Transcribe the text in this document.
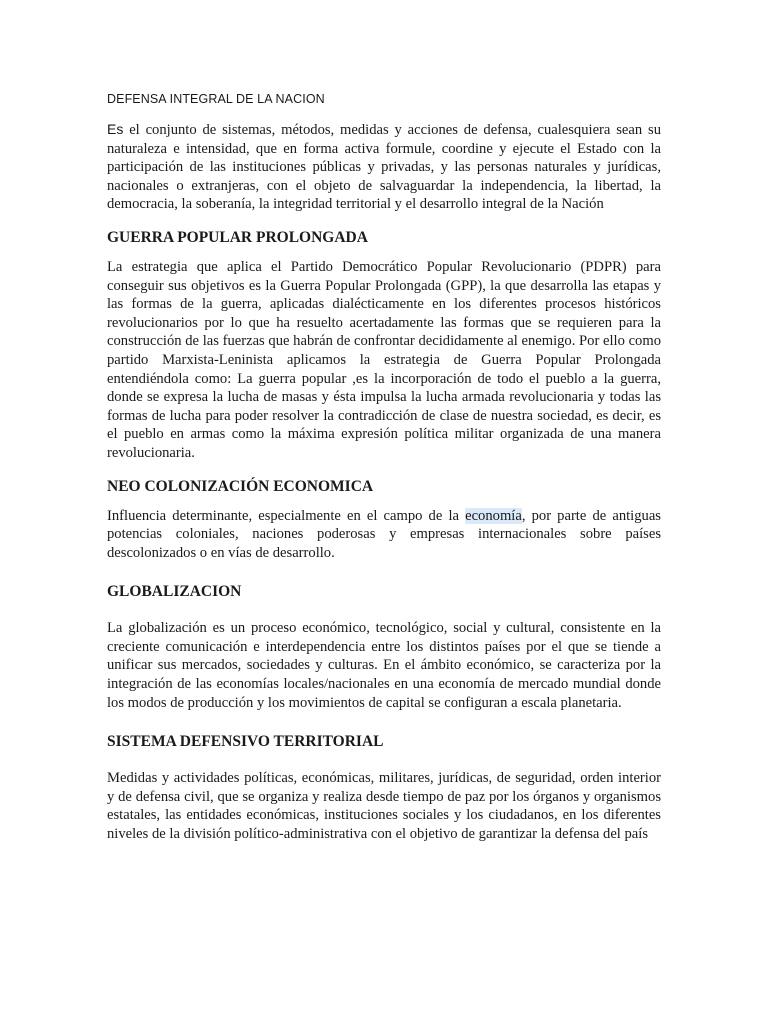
DEFENSA INTEGRAL DE LA NACION

Es el conjunto de sistemas, métodos, medidas y acciones de defensa, cualesquiera sean su naturaleza e intensidad, que en forma activa formule, coordine y ejecute el Estado con la participación de las instituciones públicas y privadas, y las personas naturales y jurídicas, nacionales o extranjeras, con el objeto de salvaguardar la independencia, la libertad, la democracia, la soberanía, la integridad territorial y el desarrollo integral de la Nación

GUERRA POPULAR PROLONGADA

La estrategia que aplica el Partido Democrático Popular Revolucionario (PDPR) para conseguir sus objetivos es la Guerra Popular Prolongada (GPP), la que desarrolla las etapas y las formas de la guerra, aplicadas dialécticamente en los diferentes procesos históricos revolucionarios por lo que ha resuelto acertadamente las formas que se requieren para la construcción de las fuerzas que habrán de confrontar decididamente al enemigo. Por ello como partido Marxista-Leninista aplicamos la estrategia de Guerra Popular Prolongada entendiéndola como: La guerra popular ,es la incorporación de todo el pueblo a la guerra, donde se expresa la lucha de masas y ésta impulsa la lucha armada revolucionaria y todas las formas de lucha para poder resolver la contradicción de clase de nuestra sociedad, es decir, es el pueblo en armas como la máxima expresión política militar organizada de una manera revolucionaria.

NEO COLONIZACIÓN ECONOMICA

Influencia determinante, especialmente en el campo de la economía, por parte de antiguas potencias coloniales, naciones poderosas y empresas internacionales sobre países descolonizados o en vías de desarrollo.

GLOBALIZACION

La globalización es un proceso económico, tecnológico, social y cultural, consistente en la creciente comunicación e interdependencia entre los distintos países por el que se tiende a unificar sus mercados, sociedades y culturas. En el ámbito económico, se caracteriza por la integración de las economías locales/nacionales en una economía de mercado mundial donde los modos de producción y los movimientos de capital se configuran a escala planetaria.

SISTEMA DEFENSIVO TERRITORIAL

Medidas y actividades políticas, económicas, militares, jurídicas, de seguridad, orden interior y de defensa civil, que se organiza y realiza desde tiempo de paz por los órganos y organismos estatales, las entidades económicas, instituciones sociales y los ciudadanos, en los diferentes niveles de la división político-administrativa con el objetivo de garantizar la defensa del país
